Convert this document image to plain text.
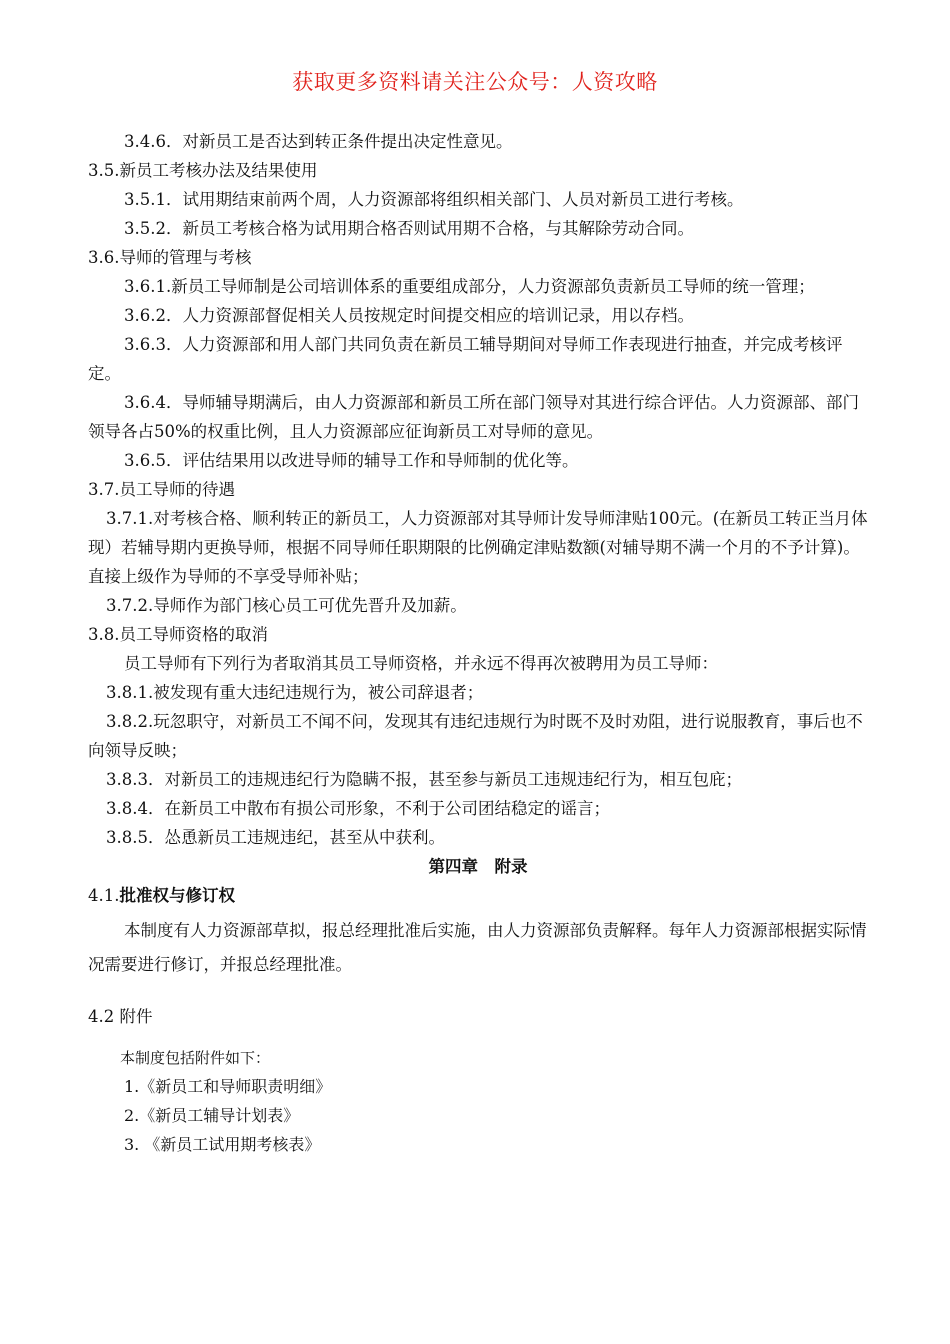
获取更多资料请关注公众号：人资攻略
3.4.6．对新员工是否达到转正条件提出决定性意见。
3.5.新员工考核办法及结果使用
3.5.1．试用期结束前两个周，人力资源部将组织相关部门、人员对新员工进行考核。
3.5.2．新员工考核合格为试用期合格否则试用期不合格，与其解除劳动合同。
3.6.导师的管理与考核
3.6.1.新员工导师制是公司培训体系的重要组成部分，人力资源部负责新员工导师的统一管理；
3.6.2．人力资源部督促相关人员按规定时间提交相应的培训记录，用以存档。
3.6.3．人力资源部和用人部门共同负责在新员工辅导期间对导师工作表现进行抽查，并完成考核评定。
3.6.4．导师辅导期满后，由人力资源部和新员工所在部门领导对其进行综合评估。人力资源部、部门领导各占50%的权重比例，且人力资源部应征询新员工对导师的意见。
3.6.5．评估结果用以改进导师的辅导工作和导师制的优化等。
3.7.员工导师的待遇
3.7.1.对考核合格、顺利转正的新员工，人力资源部对其导师计发导师津贴100元。(在新员工转正当月体现）若辅导期内更换导师，根据不同导师任职期限的比例确定津贴数额(对辅导期不满一个月的不予计算)。直接上级作为导师的不享受导师补贴；
3.7.2.导师作为部门核心员工可优先晋升及加薪。
3.8.员工导师资格的取消
员工导师有下列行为者取消其员工导师资格，并永远不得再次被聘用为员工导师：
3.8.1.被发现有重大违纪违规行为，被公司辞退者；
3.8.2.玩忽职守，对新员工不闻不问，发现其有违纪违规行为时既不及时劝阻，进行说服教育，事后也不向领导反映；
3.8.3．对新员工的违规违纪行为隐瞒不报，甚至参与新员工违规违纪行为，相互包庇；
3.8.4．在新员工中散布有损公司形象，不利于公司团结稳定的谣言；
3.8.5．怂恿新员工违规违纪，甚至从中获利。
第四章　附录
4.1.批准权与修订权
本制度有人力资源部草拟，报总经理批准后实施，由人力资源部负责解释。每年人力资源部根据实际情况需要进行修订，并报总经理批准。
4.2 附件
本制度包括附件如下：
1.《新员工和导师职责明细》
2.《新员工辅导计划表》
3. 《新员工试用期考核表》
